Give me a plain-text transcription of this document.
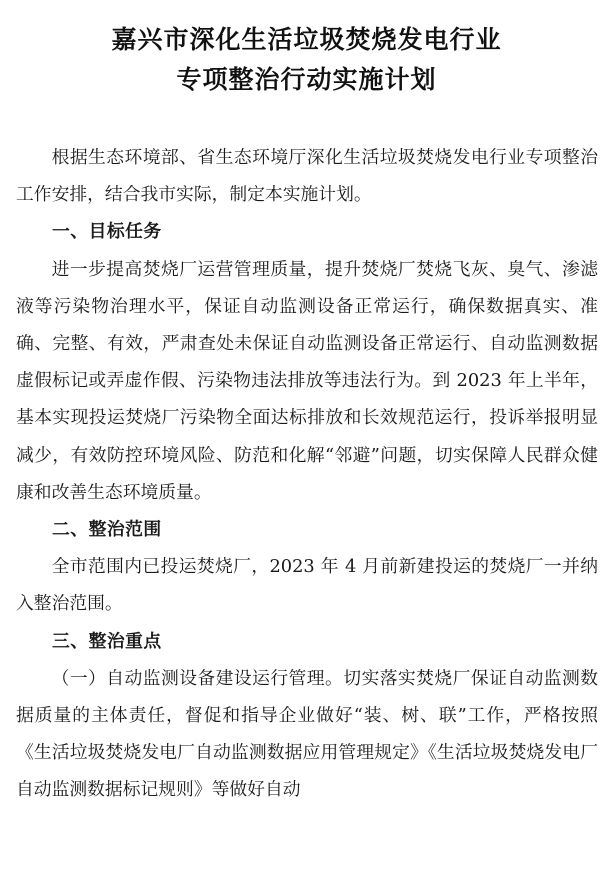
嘉兴市深化生活垃圾焚烧发电行业
专项整治行动实施计划

根据生态环境部、省生态环境厅深化生活垃圾焚烧发电行业专项整治工作安排，结合我市实际，制定本实施计划。

一、目标任务

进一步提高焚烧厂运营管理质量，提升焚烧厂焚烧飞灰、臭气、渗滤液等污染物治理水平，保证自动监测设备正常运行，确保数据真实、准确、完整、有效，严肃查处未保证自动监测设备正常运行、自动监测数据虚假标记或弄虚作假、污染物违法排放等违法行为。到 2023 年上半年，基本实现投运焚烧厂污染物全面达标排放和长效规范运行，投诉举报明显减少，有效防控环境风险、防范和化解“邻避”问题，切实保障人民群众健康和改善生态环境质量。

二、整治范围

全市范围内已投运焚烧厂，2023 年 4 月前新建投运的焚烧厂一并纳入整治范围。

三、整治重点

（一）自动监测设备建设运行管理。切实落实焚烧厂保证自动监测数据质量的主体责任，督促和指导企业做好“装、树、联”工作，严格按照《生活垃圾焚烧发电厂自动监测数据应用管理规定》《生活垃圾焚烧发电厂自动监测数据标记规则》等做好自动
